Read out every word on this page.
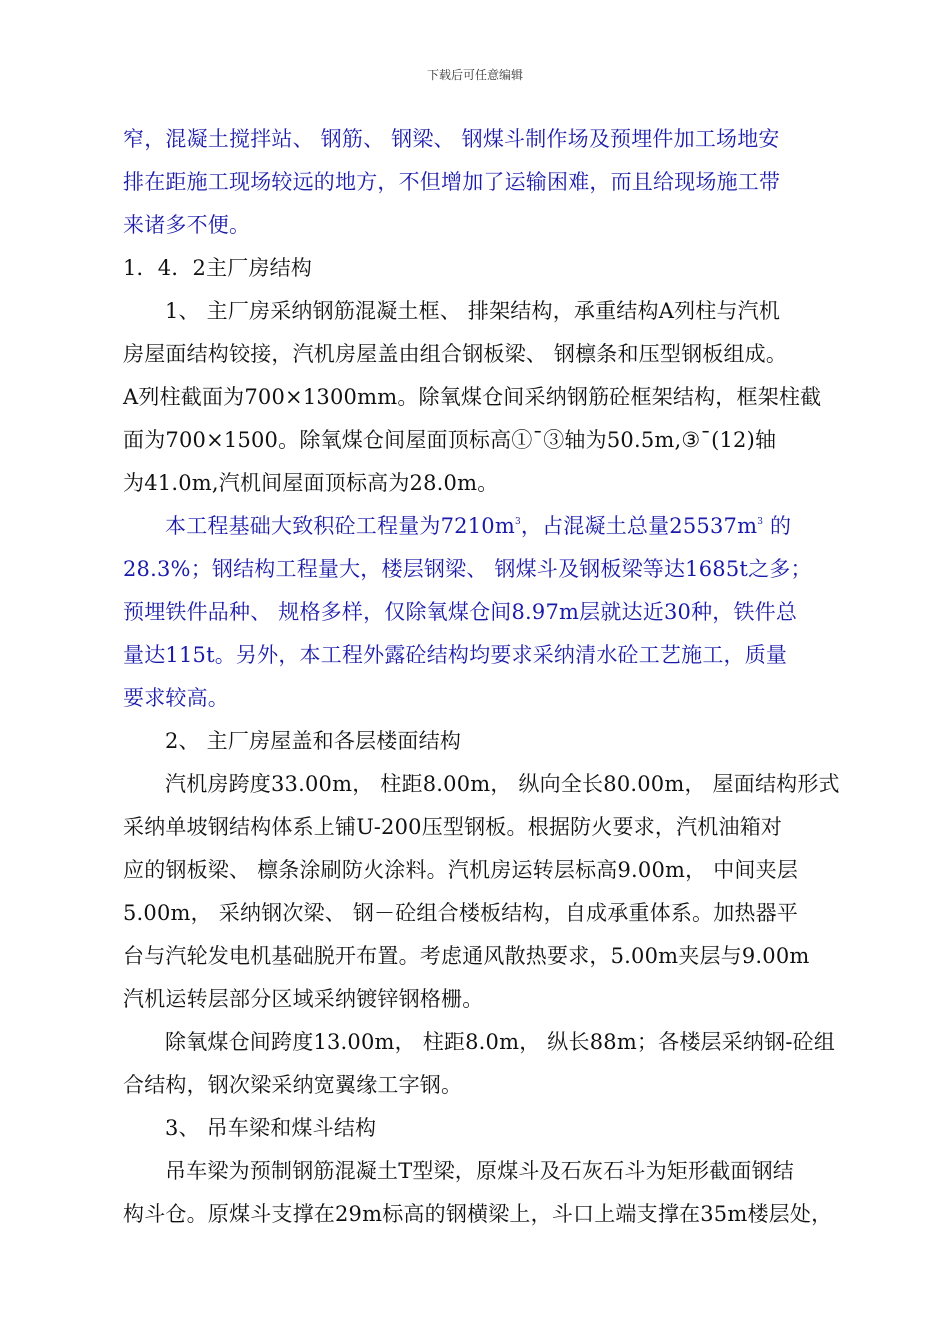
下载后可任意编辑

窄，混凝土搅拌站、 钢筋、 钢梁、 钢煤斗制作场及预埋件加工场地安

排在距施工现场较远的地方，不但增加了运输困难，而且给现场施工带

来诸多不便。

1．4．2主厂房结构

1、 主厂房采纳钢筋混凝土框、 排架结构，承重结构A列柱与汽机

房屋面结构铰接，汽机房屋盖由组合钢板梁、 钢檩条和压型钢板组成。

A列柱截面为700×1300mm。除氧煤仓间采纳钢筋砼框架结构，框架柱截

面为700×1500。除氧煤仓间屋面顶标高①¯③轴为50.5m,③¯(12)轴

为41.0m,汽机间屋面顶标高为28.0m。

本工程基础大致积砼工程量为$7210m^3$，占混凝土总量$25537m^3$ 的

28.3%；钢结构工程量大，楼层钢梁、 钢煤斗及钢板梁等达1685t之多；

预埋铁件品种、 规格多样，仅除氧煤仓间8.97m层就达近30种，铁件总

量达115t。另外，本工程外露砼结构均要求采纳清水砼工艺施工，质量

要求较高。

2、 主厂房屋盖和各层楼面结构

汽机房跨度33.00m， 柱距8.00m， 纵向全长80.00m， 屋面结构形式

采纳单坡钢结构体系上铺U-200压型钢板。根据防火要求，汽机油箱对

应的钢板梁、 檩条涂刷防火涂料。汽机房运转层标高9.00m， 中间夹层

5.00m， 采纳钢次梁、 钢－砼组合楼板结构，自成承重体系。加热器平

台与汽轮发电机基础脱开布置。考虑通风散热要求，5.00m夹层与9.00m

汽机运转层部分区域采纳镀锌钢格栅。

除氧煤仓间跨度13.00m， 柱距8.0m， 纵长88m；各楼层采纳钢-砼组

合结构，钢次梁采纳宽翼缘工字钢。

3、 吊车梁和煤斗结构

吊车梁为预制钢筋混凝土T型梁，原煤斗及石灰石斗为矩形截面钢结

构斗仓。原煤斗支撑在29m标高的钢横梁上，斗口上端支撑在35m楼层处，
